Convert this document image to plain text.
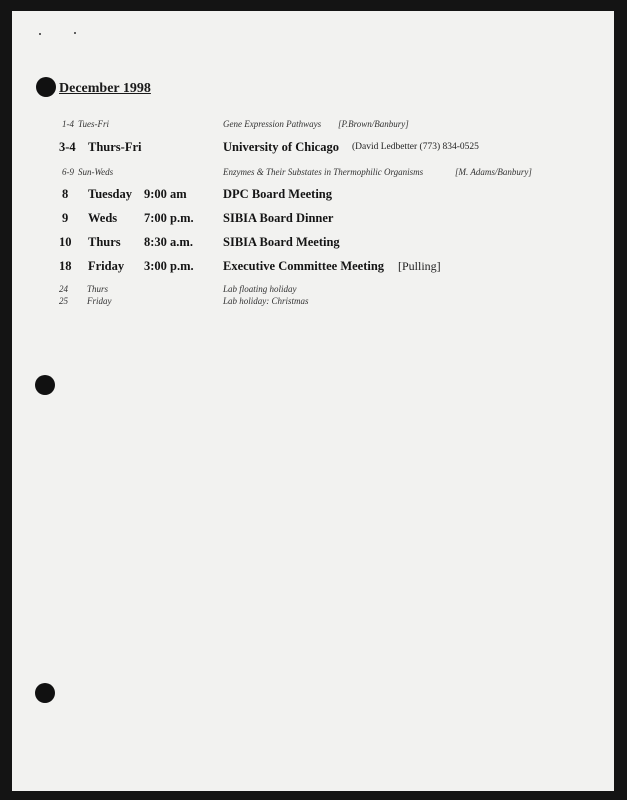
December 1998
1-4 Tues-Fri	Gene Expression Pathways [P.Brown/Banbury]
3-4 Thurs-Fri	University of Chicago (David Ledbetter (773) 834-0525
6-9 Sun-Weds	Enzymes & Their Substates in Thermophilic Organisms	[M. Adams/Banbury]
8 Tuesday 9:00 am	DPC Board Meeting
9 Weds 7:00 p.m. SIBIA Board Dinner
10 Thurs 8:30 a.m. SIBIA Board Meeting
18 Friday 3:00 p.m. Executive Committee Meeting [Pulling]
24 Thurs	Lab floating holiday
25 Friday	Lab holiday: Christmas
